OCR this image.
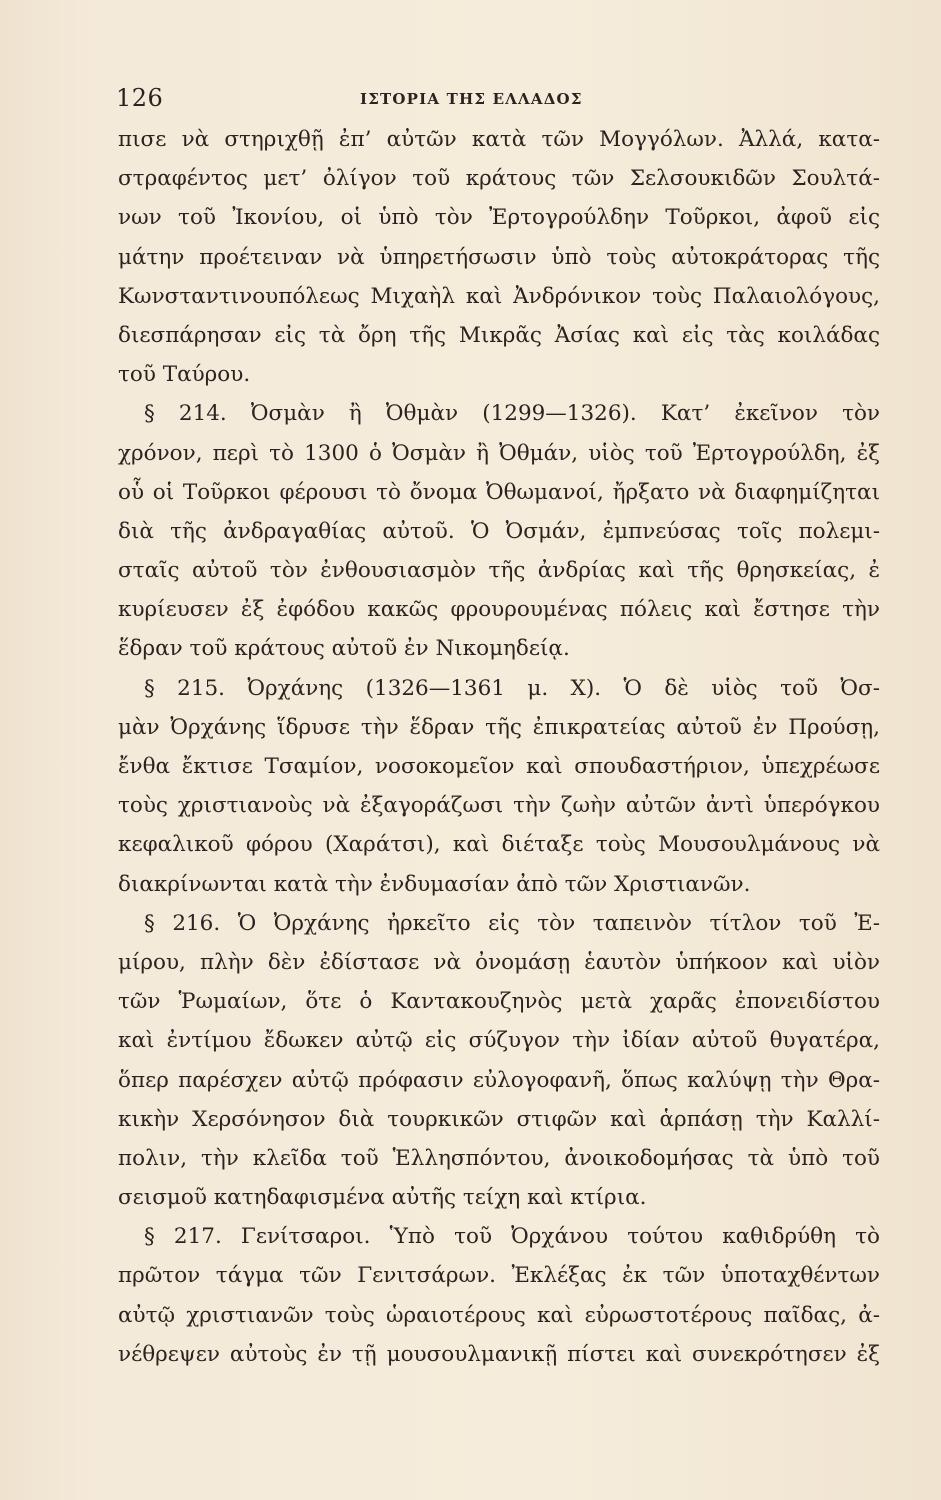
126	ΙΣΤΟΡΙΑ ΤΗΣ ΕΛΛΑΔΟΣ
πισε νὰ στηριχθῇ ἐπ’ αὐτῶν κατὰ τῶν Μογγόλων. Ἀλλά, κατα-
στραφέντος μετ’ ὀλίγον τοῦ κράτους τῶν Σελσουκιδῶν Σουλτά-
νων τοῦ Ἰκονίου, οἱ ὑπὸ τὸν Ἐρτογρούλδην Τοῦρκοι, ἀφοῦ εἰς
μάτην προέτειναν νὰ ὑπηρετήσωσιν ὑπὸ τοὺς αὐτοκράτορας τῆς
Κωνσταντινουπόλεως Μιχαὴλ καὶ Ἀνδρόνικον τοὺς Παλαιολόγους,
διεσπάρησαν εἰς τὰ ὄρη τῆς Μικρᾶς Ἀσίας καὶ εἰς τὰς κοιλάδας
τοῦ Ταύρου.
§ 214. Ὀσμὰν ἢ Ὀθμὰν (1299—1326). Κατ’ ἐκεῖνον τὸν
χρόνον, περὶ τὸ 1300 ὁ Ὀσμὰν ἢ Ὀθμάν, υἱὸς τοῦ Ἐρτογρούλδη, ἐξ
οὗ οἱ Τοῦρκοι φέρουσι τὸ ὄνομα Ὀθωμανοί, ἤρξατο νὰ διαφημίζηται
διὰ τῆς ἀνδραγαθίας αὐτοῦ. Ὁ Ὀσμάν, ἐμπνεύσας τοῖς πολεμι-
σταῖς αὐτοῦ τὸν ἐνθουσιασμὸν τῆς ἀνδρίας καὶ τῆς θρησκείας, ἐ
κυρίευσεν ἐξ ἐφόδου κακῶς φρουρουμένας πόλεις καὶ ἔστησε τὴν
ἕδραν τοῦ κράτους αὐτοῦ ἐν Νικομηδείᾳ.
§ 215. Ὀρχάνης (1326—1361 μ. Χ). Ὁ δὲ υἱὸς τοῦ Ὀσ-
μὰν Ὀρχάνης ἵδρυσε τὴν ἕδραν τῆς ἐπικρατείας αὐτοῦ ἐν Προύσῃ,
ἔνθα ἔκτισε Τσαμίον, νοσοκομεῖον καὶ σπουδαστήριον, ὑπεχρέωσε
τοὺς χριστιανοὺς νὰ ἐξαγοράζωσι τὴν ζωὴν αὐτῶν ἀντὶ ὑπερόγκου
κεφαλικοῦ φόρου (Χαράτσι), καὶ διέταξε τοὺς Μουσουλμάνους νὰ
διακρίνωνται κατὰ τὴν ἐνδυμασίαν ἀπὸ τῶν Χριστιανῶν.
§ 216. Ὁ Ὀρχάνης ἠρκεῖτο εἰς τὸν ταπεινὸν τίτλον τοῦ Ἐ-
μίρου, πλὴν δὲν ἐδίστασε νὰ ὀνομάσῃ ἑαυτὸν ὑπήκοον καὶ υἱὸν
τῶν Ῥωμαίων, ὅτε ὁ Καντακουζηνὸς μετὰ χαρᾶς ἐπονειδίστου
καὶ ἐντίμου ἔδωκεν αὐτῷ εἰς σύζυγον τὴν ἰδίαν αὐτοῦ θυγατέρα,
ὅπερ παρέσχεν αὐτῷ πρόφασιν εὐλογοφανῆ, ὅπως καλύψῃ τὴν Θρα-
κικὴν Χερσόνησον διὰ τουρκικῶν στιφῶν καὶ ἁρπάσῃ τὴν Καλλί-
πολιν, τὴν κλεῖδα τοῦ Ἑλλησπόντου, ἀνοικοδομήσας τὰ ὑπὸ τοῦ
σεισμοῦ κατηδαφισμένα αὐτῆς τείχη καὶ κτίρια.
§ 217. Γενίτσαροι. Ὑπὸ τοῦ Ὀρχάνου τούτου καθιδρύθη τὸ
πρῶτον τάγμα τῶν Γενιτσάρων. Ἐκλέξας ἐκ τῶν ὑποταχθέντων
αὐτῷ χριστιανῶν τοὺς ὡραιοτέρους καὶ εὐρωστοτέρους παῖδας, ἀ-
νέθρεψεν αὐτοὺς ἐν τῇ μουσουλμανικῇ πίστει καὶ συνεκρότησεν ἐξ
